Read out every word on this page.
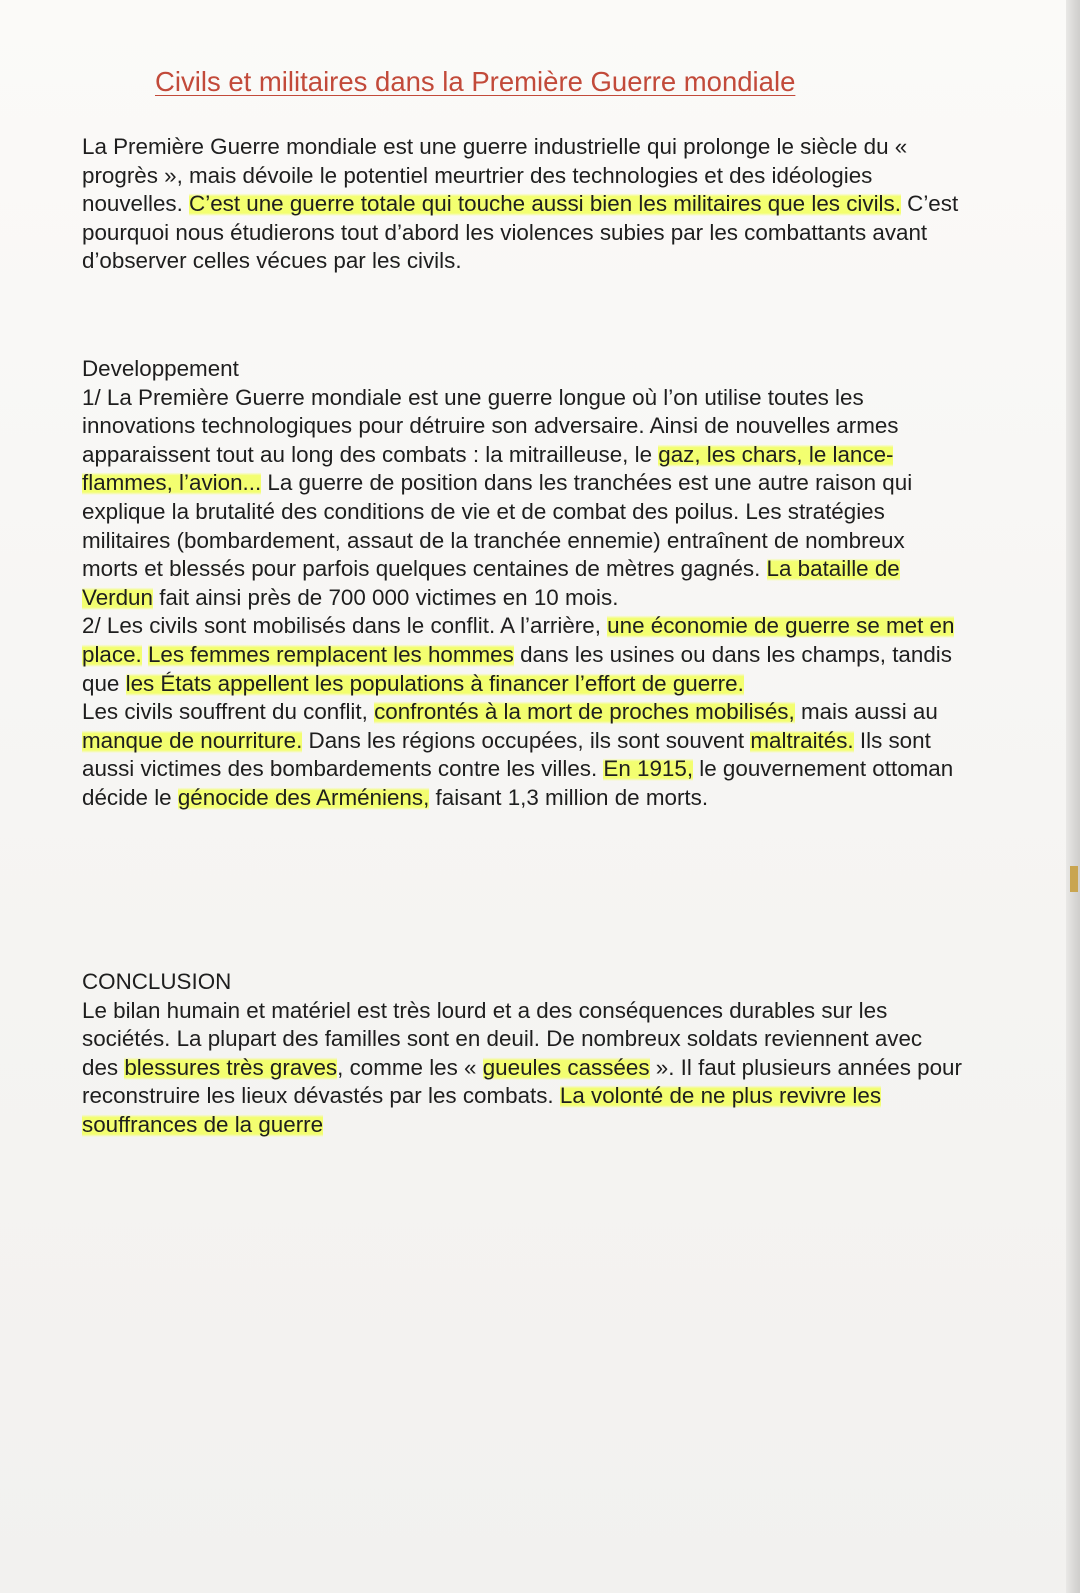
Civils et militaires dans la Première Guerre mondiale

La Première Guerre mondiale est une guerre industrielle qui prolonge le siècle du « progrès », mais dévoile le potentiel meurtrier des technologies et des idéologies nouvelles. C’est une guerre totale qui touche aussi bien les militaires que les civils. C’est pourquoi nous étudierons tout d’abord les violences subies par les combattants avant d’observer celles vécues par les civils.

Developpement

1/ La Première Guerre mondiale est une guerre longue où l’on utilise toutes les innovations technologiques pour détruire son adversaire. Ainsi de nouvelles armes apparaissent tout au long des combats : la mitrailleuse, le gaz, les chars, le lance-flammes, l’avion... La guerre de position dans les tranchées est une autre raison qui explique la brutalité des conditions de vie et de combat des poilus. Les stratégies militaires (bombardement, assaut de la tranchée ennemie) entraînent de nombreux morts et blessés pour parfois quelques centaines de mètres gagnés. La bataille de Verdun fait ainsi près de 700 000 victimes en 10 mois.

2/ Les civils sont mobilisés dans le conflit. A l’arrière, une économie de guerre se met en place. Les femmes remplacent les hommes dans les usines ou dans les champs, tandis que les États appellent les populations à financer l’effort de guerre.

Les civils souffrent du conflit, confrontés à la mort de proches mobilisés, mais aussi au manque de nourriture. Dans les régions occupées, ils sont souvent maltraités. Ils sont aussi victimes des bombardements contre les villes. En 1915, le gouvernement ottoman décide le génocide des Arméniens, faisant 1,3 million de morts.

CONCLUSION

Le bilan humain et matériel est très lourd et a des conséquences durables sur les sociétés. La plupart des familles sont en deuil. De nombreux soldats reviennent avec des blessures très graves, comme les « gueules cassées ». Il faut plusieurs années pour reconstruire les lieux dévastés par les combats. La volonté de ne plus revivre les souffrances de la guerre
